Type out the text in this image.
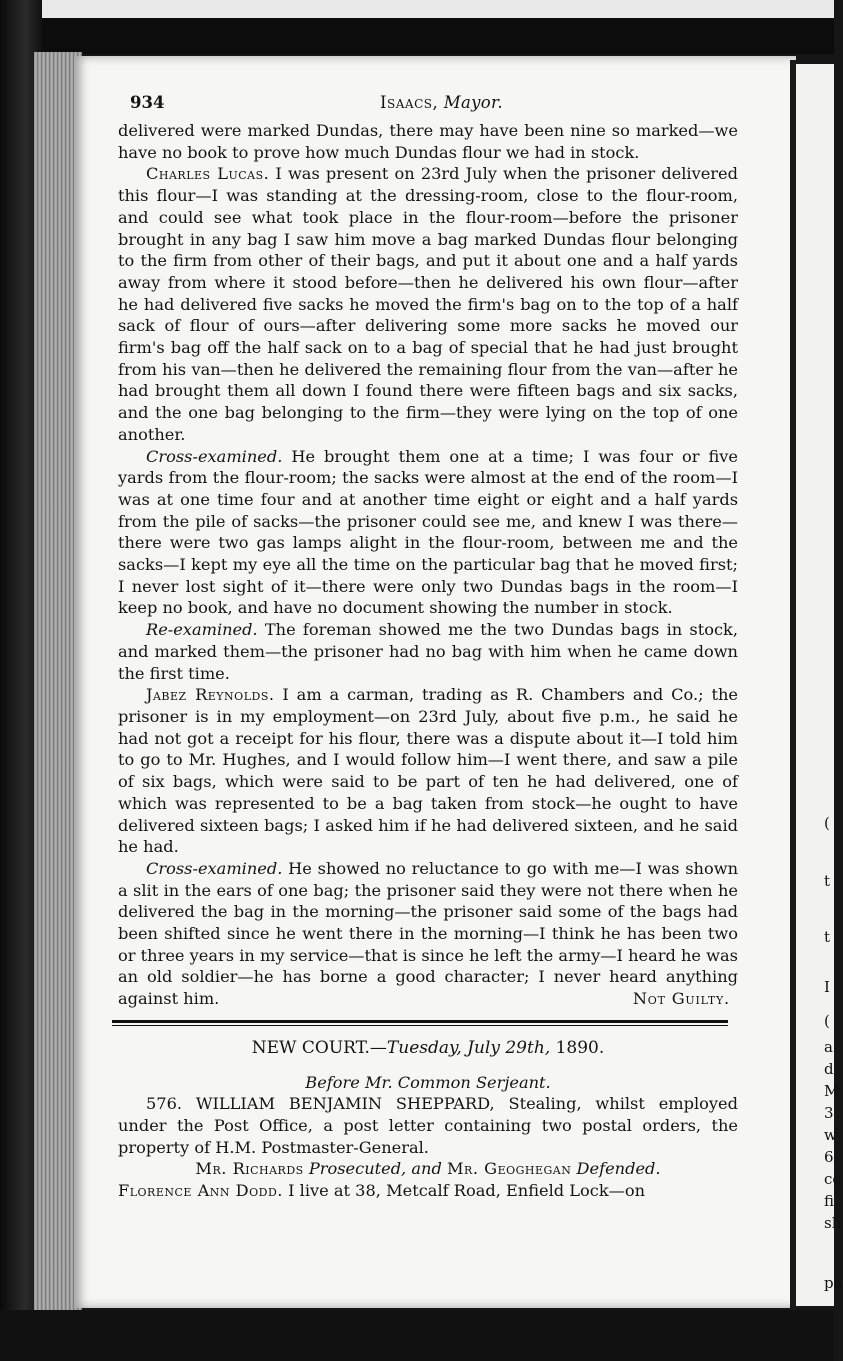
(
t
t
I
(
a
d
M
3
w
6.
cc
fi
sh
pa
934	Isaacs, Mayor.

delivered were marked Dundas, there may have been nine so marked—we have no book to prove how much Dundas flour we had in stock.

Charles Lucas. I was present on 23rd July when the prisoner delivered this flour—I was standing at the dressing-room, close to the flour-room, and could see what took place in the flour-room—before the prisoner brought in any bag I saw him move a bag marked Dundas flour belonging to the firm from other of their bags, and put it about one and a half yards away from where it stood before—then he delivered his own flour—after he had delivered five sacks he moved the firm's bag on to the top of a half sack of flour of ours—after delivering some more sacks he moved our firm's bag off the half sack on to a bag of special that he had just brought from his van—then he delivered the remaining flour from the van—after he had brought them all down I found there were fifteen bags and six sacks, and the one bag belonging to the firm—they were lying on the top of one another.

Cross-examined. He brought them one at a time; I was four or five yards from the flour-room; the sacks were almost at the end of the room—I was at one time four and at another time eight or eight and a half yards from the pile of sacks—the prisoner could see me, and knew I was there—there were two gas lamps alight in the flour-room, between me and the sacks—I kept my eye all the time on the particular bag that he moved first; I never lost sight of it—there were only two Dundas bags in the room—I keep no book, and have no document showing the number in stock.

Re-examined. The foreman showed me the two Dundas bags in stock, and marked them—the prisoner had no bag with him when he came down the first time.

Jabez Reynolds. I am a carman, trading as R. Chambers and Co.; the prisoner is in my employment—on 23rd July, about five p.m., he said he had not got a receipt for his flour, there was a dispute about it—I told him to go to Mr. Hughes, and I would follow him—I went there, and saw a pile of six bags, which were said to be part of ten he had delivered, one of which was represented to be a bag taken from stock—he ought to have delivered sixteen bags; I asked him if he had delivered sixteen, and he said he had.

Cross-examined. He showed no reluctance to go with me—I was shown a slit in the ears of one bag; the prisoner said they were not there when he delivered the bag in the morning—the prisoner said some of the bags had been shifted since he went there in the morning—I think he has been two or three years in my service—that is since he left the army—I heard he was an old soldier—he has borne a good character; I never heard anything against him.	Not Guilty.

NEW COURT.—Tuesday, July 29th, 1890.
Before Mr. Common Serjeant.

576. WILLIAM BENJAMIN SHEPPARD, Stealing, whilst employed under the Post Office, a post letter containing two postal orders, the property of H.M. Postmaster-General.

Mr. Richards Prosecuted, and Mr. Geoghegan Defended.

Florence Ann Dodd. I live at 38, Metcalf Road, Enfield Lock—on
